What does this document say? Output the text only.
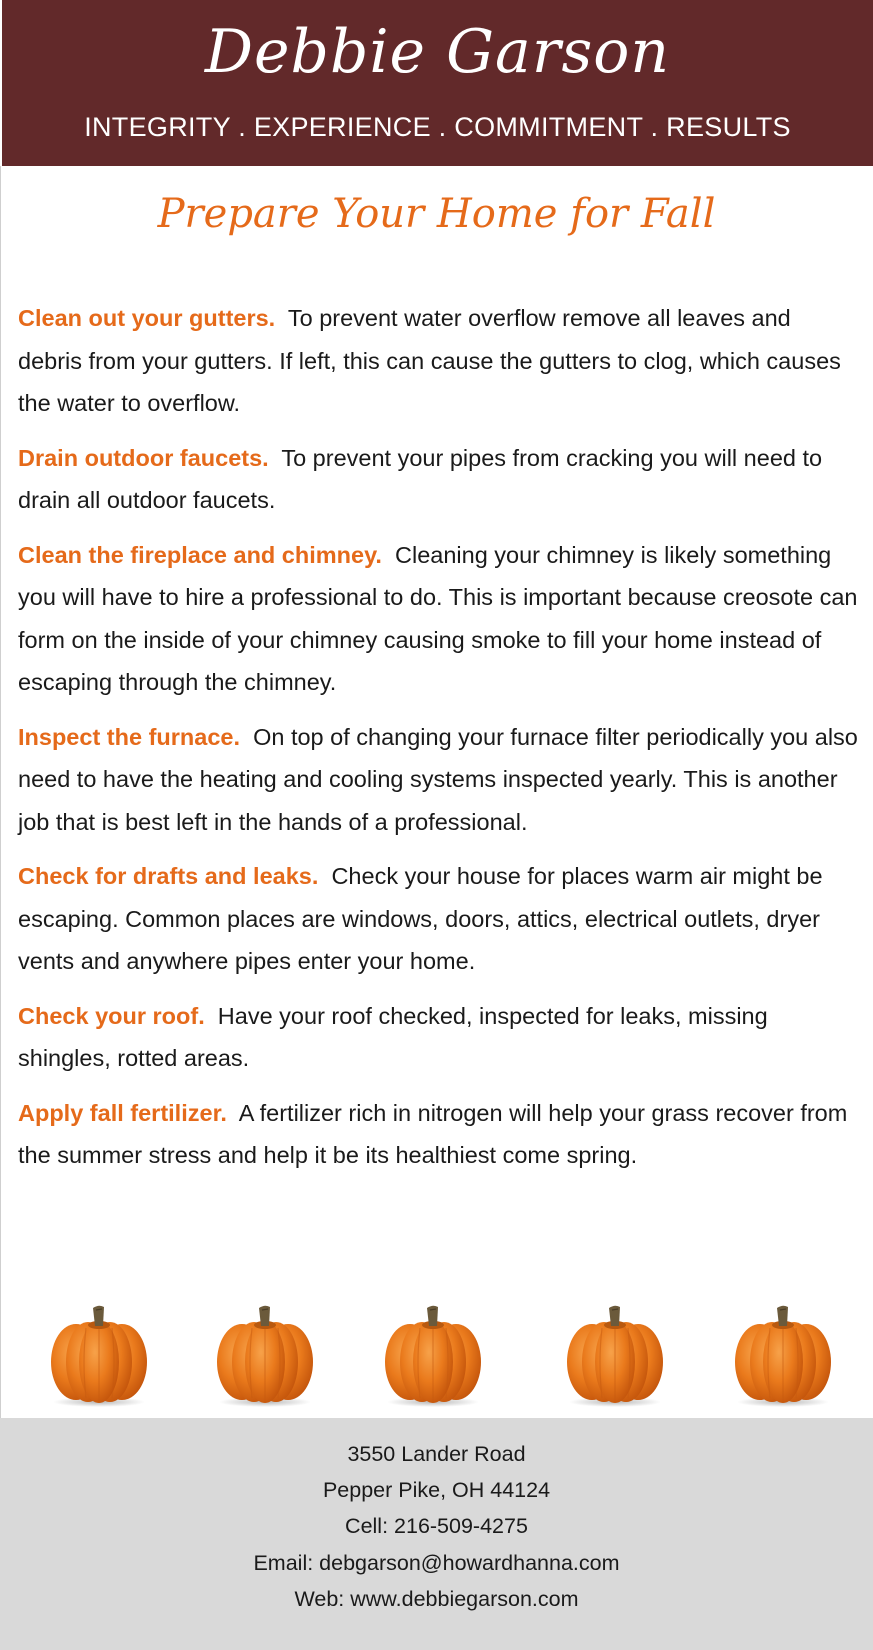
Debbie Garson
INTEGRITY . EXPERIENCE . COMMITMENT . RESULTS
Prepare Your Home for Fall

Clean out your gutters. To prevent water overflow remove all leaves and debris from your gutters. If left, this can cause the gutters to clog, which causes the water to overflow.

Drain outdoor faucets. To prevent your pipes from cracking you will need to drain all outdoor faucets.

Clean the fireplace and chimney. Cleaning your chimney is likely something you will have to hire a professional to do. This is important because creosote can form on the inside of your chimney causing smoke to fill your home instead of escaping through the chimney.

Inspect the furnace. On top of changing your furnace filter periodically you also need to have the heating and cooling systems inspected yearly. This is another job that is best left in the hands of a professional.

Check for drafts and leaks. Check your house for places warm air might be escaping. Common places are windows, doors, attics, electrical outlets, dryer vents and anywhere pipes enter your home.

Check your roof. Have your roof checked, inspected for leaks, missing shingles, rotted areas.

Apply fall fertilizer. A fertilizer rich in nitrogen will help your grass recover from the summer stress and help it be its healthiest come spring.

3550 Lander Road
Pepper Pike, OH 44124
Cell: 216-509-4275
Email: debgarson@howardhanna.com
Web: www.debbiegarson.com
